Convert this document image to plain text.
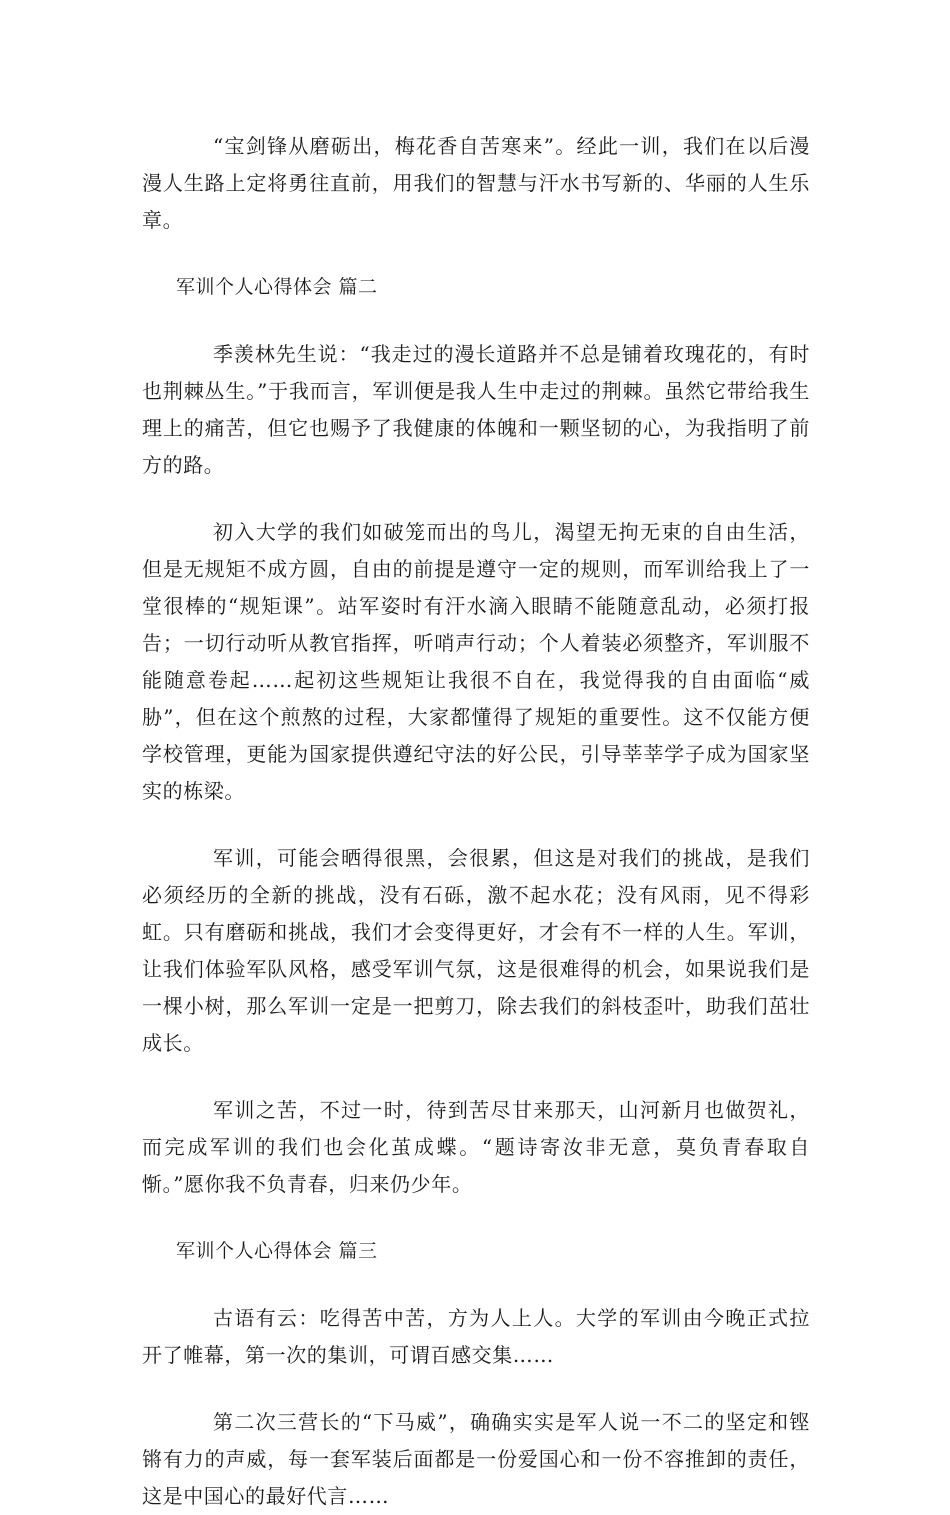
“宝剑锋从磨砺出，梅花香自苦寒来”。经此一训，我们在以后漫漫人生路上定将勇往直前，用我们的智慧与汗水书写新的、华丽的人生乐章。

军训个人心得体会 篇二

季羡林先生说：“我走过的漫长道路并不总是铺着玫瑰花的，有时也荆棘丛生。”于我而言，军训便是我人生中走过的荆棘。虽然它带给我生理上的痛苦，但它也赐予了我健康的体魄和一颗坚韧的心，为我指明了前方的路。

初入大学的我们如破笼而出的鸟儿，渴望无拘无束的自由生活，但是无规矩不成方圆，自由的前提是遵守一定的规则，而军训给我上了一堂很棒的“规矩课”。站军姿时有汗水滴入眼睛不能随意乱动，必须打报告；一切行动听从教官指挥，听哨声行动；个人着装必须整齐，军训服不能随意卷起……起初这些规矩让我很不自在，我觉得我的自由面临“威胁”，但在这个煎熬的过程，大家都懂得了规矩的重要性。这不仅能方便学校管理，更能为国家提供遵纪守法的好公民，引导莘莘学子成为国家坚实的栋梁。

军训，可能会晒得很黑，会很累，但这是对我们的挑战，是我们必须经历的全新的挑战，没有石砾，激不起水花；没有风雨，见不得彩虹。只有磨砺和挑战，我们才会变得更好，才会有不一样的人生。军训，让我们体验军队风格，感受军训气氛，这是很难得的机会，如果说我们是一棵小树，那么军训一定是一把剪刀，除去我们的斜枝歪叶，助我们茁壮成长。

军训之苦，不过一时，待到苦尽甘来那天，山河新月也做贺礼，而完成军训的我们也会化茧成蝶。“题诗寄汝非无意，莫负青春取自惭。”愿你我不负青春，归来仍少年。

军训个人心得体会 篇三

古语有云：吃得苦中苦，方为人上人。大学的军训由今晚正式拉开了帷幕，第一次的集训，可谓百感交集……

第二次三营长的“下马威”，确确实实是军人说一不二的坚定和铿锵有力的声威，每一套军装后面都是一份爱国心和一份不容推卸的责任，这是中国心的最好代言……
